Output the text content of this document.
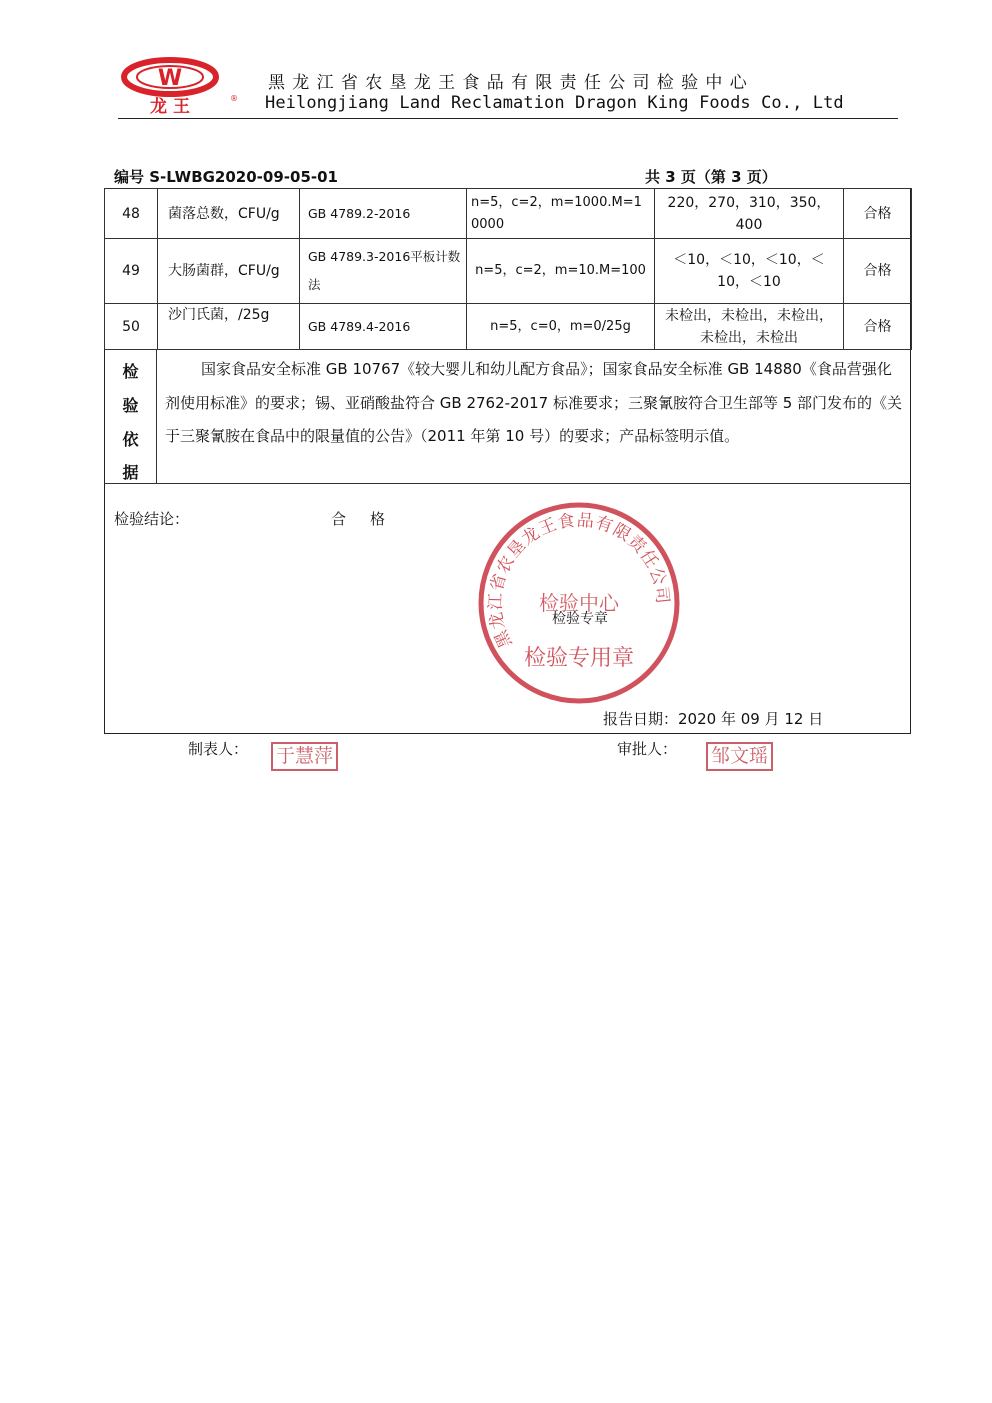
W
龙 王	®
黑龙江省农垦龙王食品有限责任公司检验中心
Heilongjiang Land Reclamation Dragon King Foods Co., Ltd
编号 S-LWBG2020-09-05-01	共 3 页（第 3 页）
48	菌落总数，CFU/g	GB 4789.2-2016	n=5，c=2，m=1000.M=10000	220，270，310，350，400	合格
49	大肠菌群，CFU/g	GB 4789.3-2016平板计数法	n=5，c=2，m=10.M=100	＜10，＜10，＜10，＜10，＜10	合格
50	沙门氏菌，/25g	GB 4789.4-2016	n=5，c=0，m=0/25g	未检出，未检出，未检出，未检出，未检出	合格
检
验
依
据
国家食品安全标准 GB 10767《较大婴儿和幼儿配方食品》；国家食品安全标准 GB 14880《食品营强化剂使用标准》的要求；锡、亚硝酸盐符合 GB 2762-2017 标准要求；三聚氰胺符合卫生部等 5 部门发布的《关于三聚氰胺在食品中的限量值的公告》（2011 年第 10 号）的要求；产品标签明示值。
检验结论：	合格
黑龙江省农垦龙王食品有限责任公司
检验中心
检验专用章
检验专章
报告日期：2020 年 09 月 12 日
制表人： 于慧萍	审批人： 邹文瑶
